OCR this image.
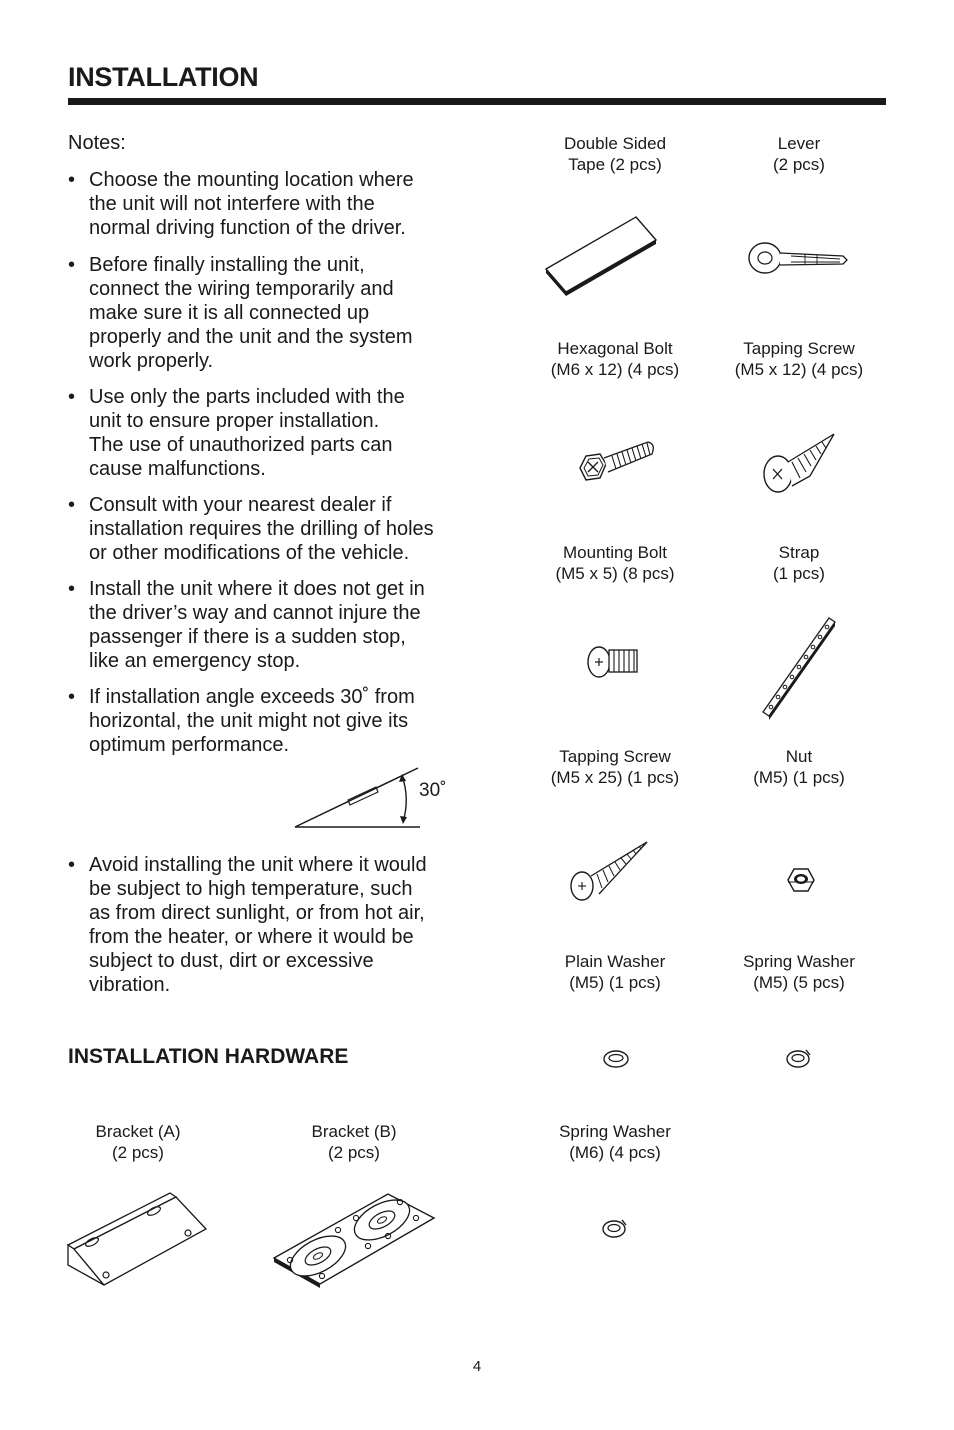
INSTALLATION
Notes:
• Choose the mounting location where
the unit will not interfere with the
normal driving function of the driver.
• Before finally installing the unit,
connect the wiring temporarily and
make sure it is all connected up
properly and the unit and the system
work properly.
• Use only the parts included with the
unit to ensure proper installation.
The use of unauthorized parts can
cause malfunctions.
• Consult with your nearest dealer if
installation requires the drilling of holes
or other modifications of the vehicle.
• Install the unit where it does not get in
the driver’s way and cannot injure the
passenger if there is a sudden stop,
like an emergency stop.
• If installation angle exceeds 30˚ from
horizontal, the unit might not give its
optimum performance.
• Avoid installing the unit where it would
be subject to high temperature, such
as from direct sunlight, or from hot air,
from the heater, or where it would be
subject to dust, dirt or excessive
vibration.
30˚
INSTALLATION HARDWARE
Double Sided
Tape (2 pcs)
Lever
(2 pcs)
Hexagonal Bolt
(M6 x 12) (4 pcs)
Tapping Screw
(M5 x 12) (4 pcs)
Mounting Bolt
(M5 x 5) (8 pcs)
Strap
(1 pcs)
Tapping Screw
(M5 x 25) (1 pcs)
Nut
(M5) (1 pcs)
Plain Washer
(M5) (1 pcs)
Spring Washer
(M5) (5 pcs)
Spring Washer
(M6) (4 pcs)
Bracket (A)
(2 pcs)
Bracket (B)
(2 pcs)
4
